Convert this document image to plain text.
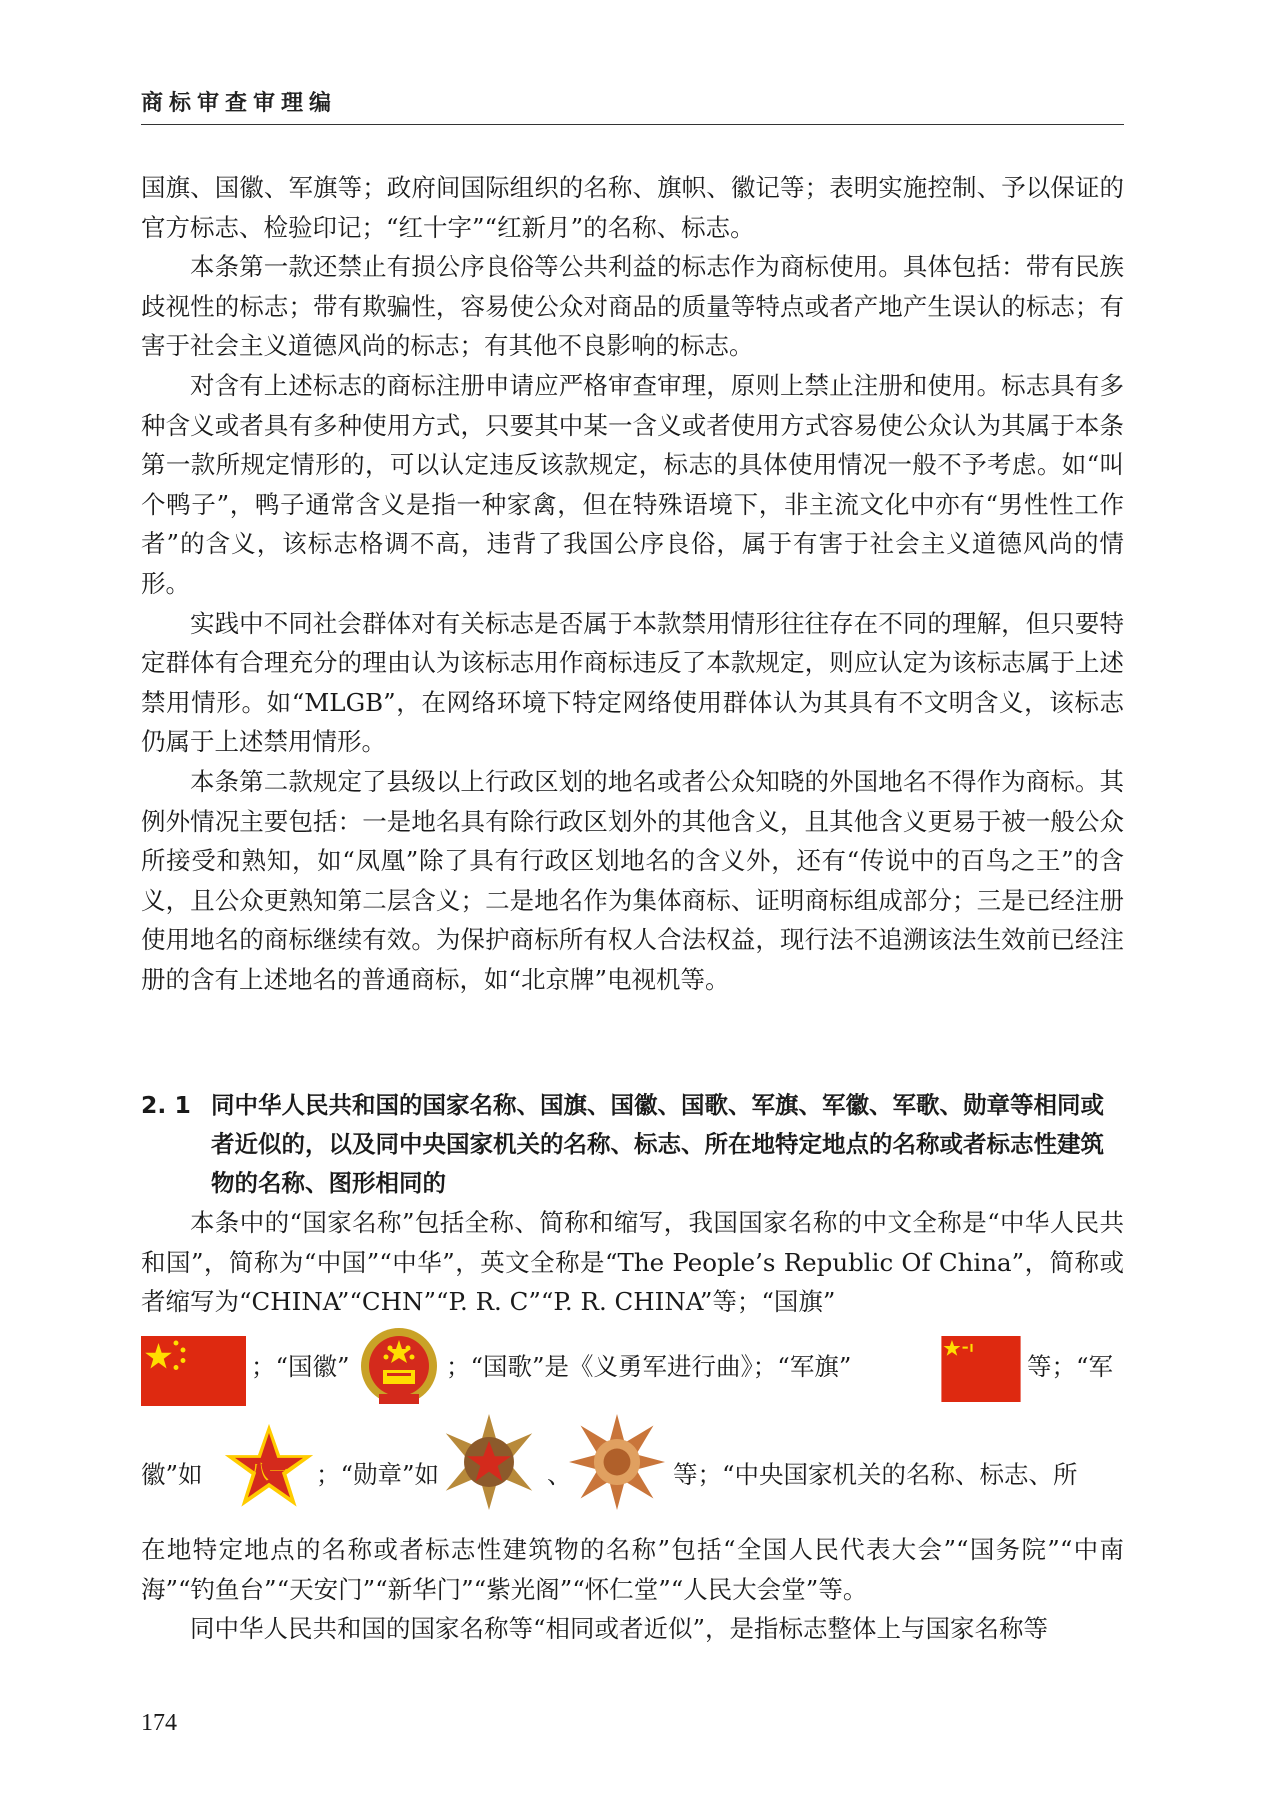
商标审查审理编

国旗、国徽、军旗等；政府间国际组织的名称、旗帜、徽记等；表明实施控制、予以保证的官方标志、检验印记；“红十字”“红新月”的名称、标志。

本条第一款还禁止有损公序良俗等公共利益的标志作为商标使用。具体包括：带有民族歧视性的标志；带有欺骗性，容易使公众对商品的质量等特点或者产地产生误认的标志；有害于社会主义道德风尚的标志；有其他不良影响的标志。

对含有上述标志的商标注册申请应严格审查审理，原则上禁止注册和使用。标志具有多种含义或者具有多种使用方式，只要其中某一含义或者使用方式容易使公众认为其属于本条第一款所规定情形的，可以认定违反该款规定，标志的具体使用情况一般不予考虑。如“叫个鸭子”，鸭子通常含义是指一种家禽，但在特殊语境下，非主流文化中亦有“男性性工作者”的含义，该标志格调不高，违背了我国公序良俗，属于有害于社会主义道德风尚的情形。

实践中不同社会群体对有关标志是否属于本款禁用情形往往存在不同的理解，但只要特定群体有合理充分的理由认为该标志用作商标违反了本款规定，则应认定为该标志属于上述禁用情形。如“MLGB”，在网络环境下特定网络使用群体认为其具有不文明含义，该标志仍属于上述禁用情形。

本条第二款规定了县级以上行政区划的地名或者公众知晓的外国地名不得作为商标。其例外情况主要包括：一是地名具有除行政区划外的其他含义，且其他含义更易于被一般公众所接受和熟知，如“凤凰”除了具有行政区划地名的含义外，还有“传说中的百鸟之王”的含义，且公众更熟知第二层含义；二是地名作为集体商标、证明商标组成部分；三是已经注册使用地名的商标继续有效。为保护商标所有权人合法权益，现行法不追溯该法生效前已经注册的含有上述地名的普通商标，如“北京牌”电视机等。

2. 1 同中华人民共和国的国家名称、国旗、国徽、国歌、军旗、军徽、军歌、勋章等相同或者近似的，以及同中央国家机关的名称、标志、所在地特定地点的名称或者标志性建筑物的名称、图形相同的

本条中的“国家名称”包括全称、简称和缩写，我国国家名称的中文全称是“中华人民共和国”，简称为“中国”“中华”，英文全称是“The People’s Republic Of China”，简称或者缩写为“CHINA”“CHN”“P. R. C”“P. R. CHINA”等；“国旗”

；“国徽”	；“国歌”是《义勇军进行曲》；“军旗”	等；“军
徽”如 八一 ；“勋章”如	、	等；“中央国家机关的名称、标志、所

在地特定地点的名称或者标志性建筑物的名称”包括“全国人民代表大会”“国务院”“中南海”“钓鱼台”“天安门”“新华门”“紫光阁”“怀仁堂”“人民大会堂”等。

同中华人民共和国的国家名称等“相同或者近似”，是指标志整体上与国家名称等

174
